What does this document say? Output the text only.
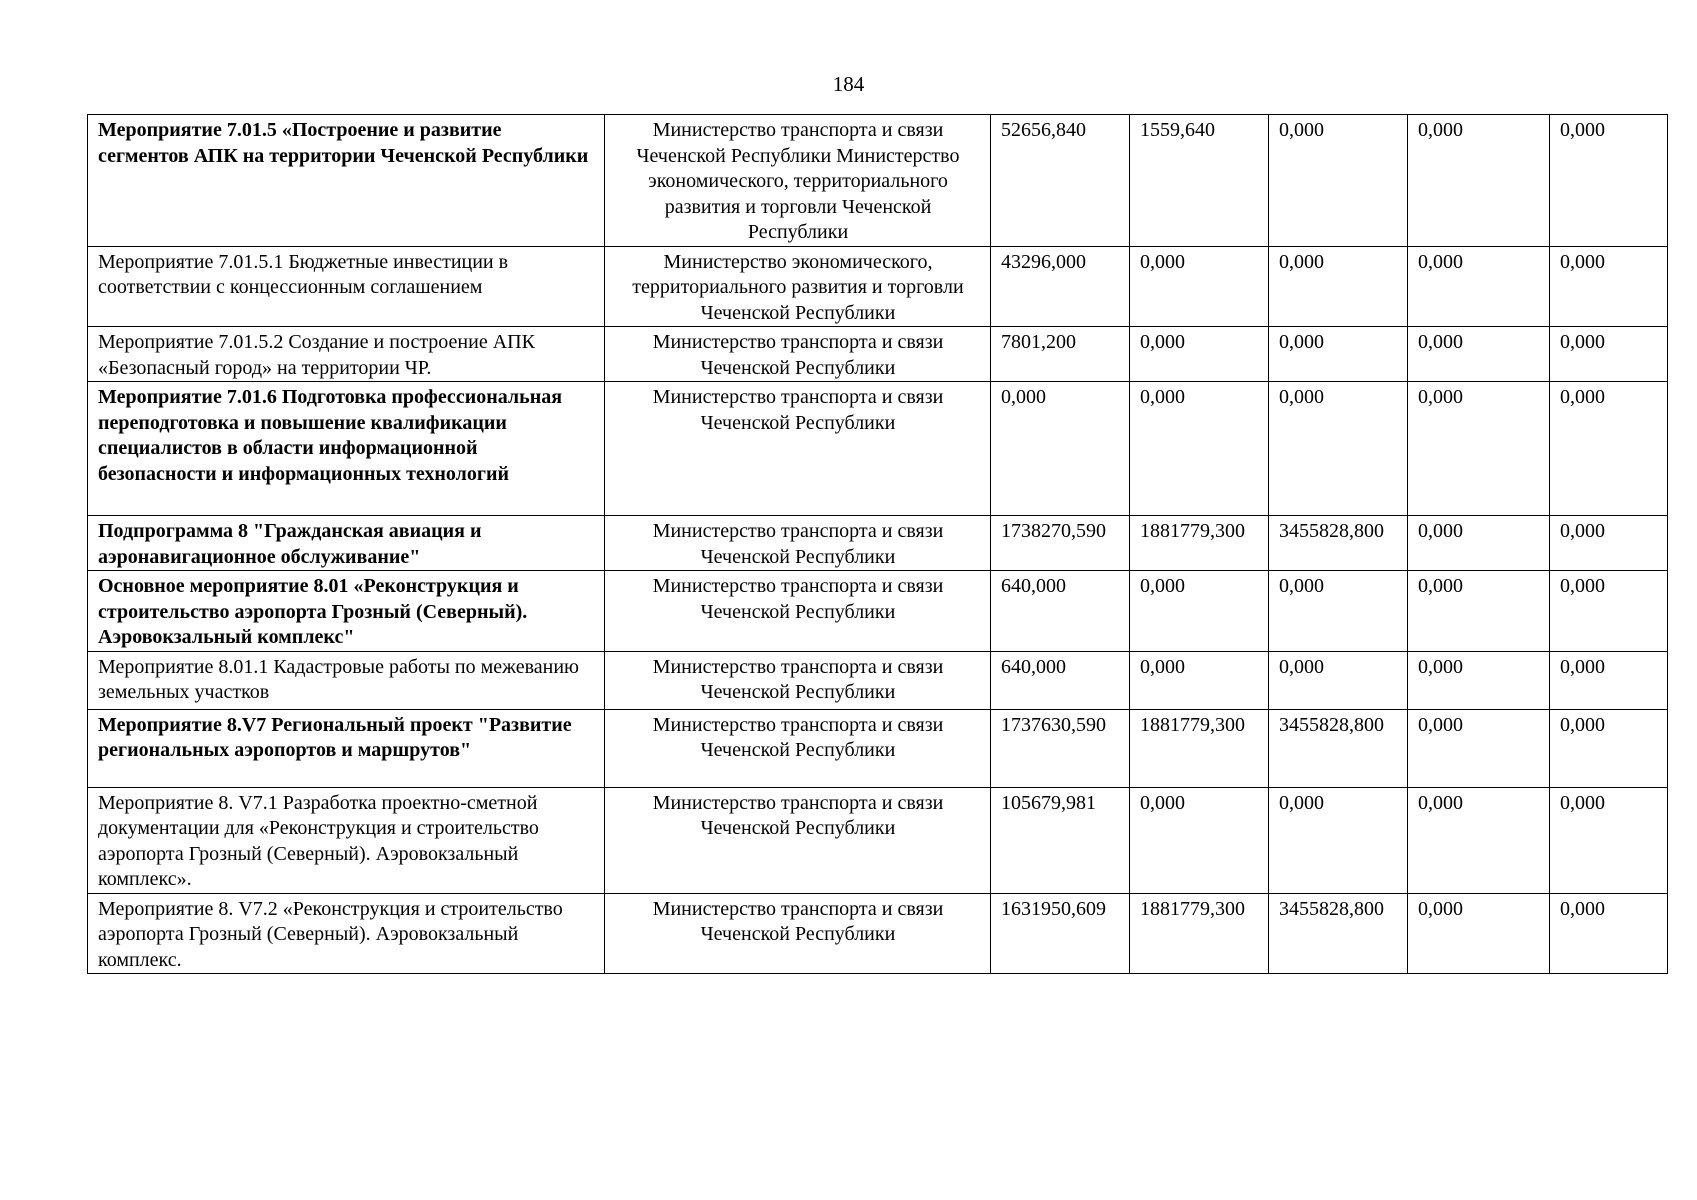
184
Мероприятие 7.01.5 «Построение и развитие сегментов АПК на территории Чеченской Республики	Министерство транспорта и связи Чеченской Республики Министерство экономического, территориального развития и торговли Чеченской Республики	52656,840	1559,640	0,000	0,000	0,000
Мероприятие 7.01.5.1 Бюджетные инвестиции в соответствии с концессионным соглашением	Министерство экономического, территориального развития и торговли Чеченской Республики	43296,000	0,000	0,000	0,000	0,000
Мероприятие 7.01.5.2 Создание и построение АПК «Безопасный город» на территории ЧР.	Министерство транспорта и связи Чеченской Республики	7801,200	0,000	0,000	0,000	0,000
Мероприятие 7.01.6 Подготовка профессиональная переподготовка и повышение квалификации специалистов в области информационной безопасности и информационных технологий	Министерство транспорта и связи Чеченской Республики	0,000	0,000	0,000	0,000	0,000
Подпрограмма 8 "Гражданская авиация и аэронавигационное обслуживание"	Министерство транспорта и связи Чеченской Республики	1738270,590	1881779,300	3455828,800	0,000	0,000
Основное мероприятие 8.01 «Реконструкция и строительство аэропорта Грозный (Северный). Аэровокзальный комплекс"	Министерство транспорта и связи Чеченской Республики	640,000	0,000	0,000	0,000	0,000
Мероприятие 8.01.1 Кадастровые работы по межеванию земельных участков	Министерство транспорта и связи Чеченской Республики	640,000	0,000	0,000	0,000	0,000
Мероприятие 8.V7 Региональный проект "Развитие региональных аэропортов и маршрутов"	Министерство транспорта и связи Чеченской Республики	1737630,590	1881779,300	3455828,800	0,000	0,000
Мероприятие 8. V7.1 Разработка проектно-сметной документации для «Реконструкция и строительство аэропорта Грозный (Северный). Аэровокзальный комплекс».	Министерство транспорта и связи Чеченской Республики	105679,981	0,000	0,000	0,000	0,000
Мероприятие 8. V7.2 «Реконструкция и строительство аэропорта Грозный (Северный). Аэровокзальный комплекс.	Министерство транспорта и связи Чеченской Республики	1631950,609	1881779,300	3455828,800	0,000	0,000
